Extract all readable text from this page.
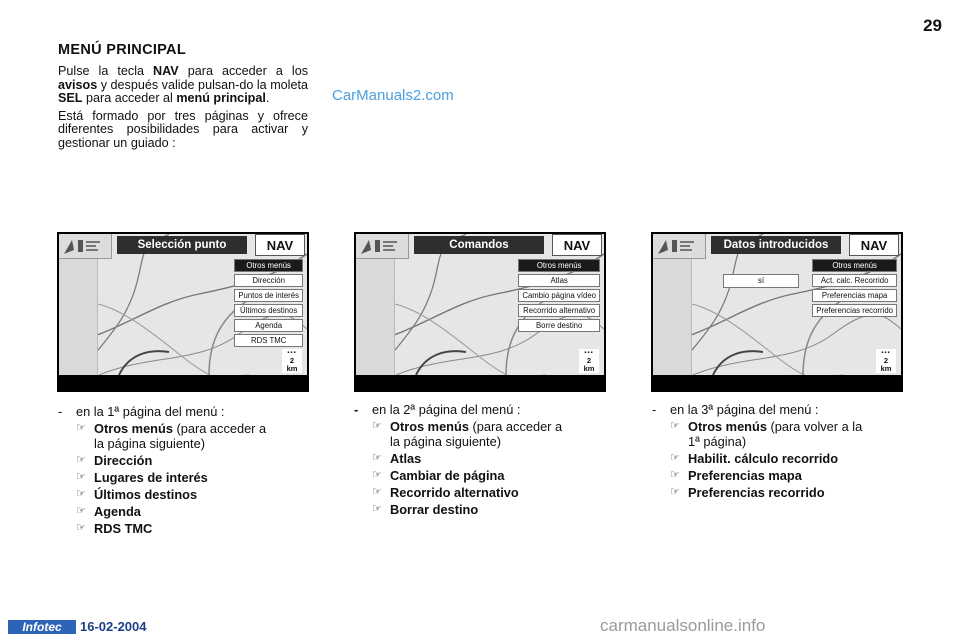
29
MENÚ PRINCIPAL

Pulse la tecla NAV para acceder a los avisos y después valide pulsan-do la moleta SEL para acceder al menú principal.

Está formado por tres páginas y ofrece diferentes posibilidades para activar y gestionar un guiado :

CarManuals2.com
Selección punto	NAV
Otros menús
Dirección
Puntos de interés
Últimos destinos
Agenda
RDS TMC
▪▪▪
2
km
Comandos	NAV
Otros menús
Atlas
Cambio página vídeo
Recorrido alternativo
Borre destino
▪▪▪
2
km
Datos introducidos	NAV
sí
Otros menús
Act. calc. Recorrido
Preferencias mapa
Preferencias recorrido
▪▪▪
2
km
-	en la 1ª página del menú :
☞ Otros menús (para acceder a
la página siguiente)
☞ Dirección
☞ Lugares de interés
☞ Últimos destinos
☞ Agenda
☞ RDS TMC
-	en la 2ª página del menú :
☞ Otros menús (para acceder a
la página siguiente)
☞ Atlas
☞ Cambiar de página
☞ Recorrido alternativo
☞ Borrar destino
-	en la 3ª página del menú :
☞ Otros menús (para volver a la
1ª página)
☞ Habilit. cálculo recorrido
☞ Preferencias mapa
☞ Preferencias recorrido
Infotec	16-02-2004	carmanualsonline.info
